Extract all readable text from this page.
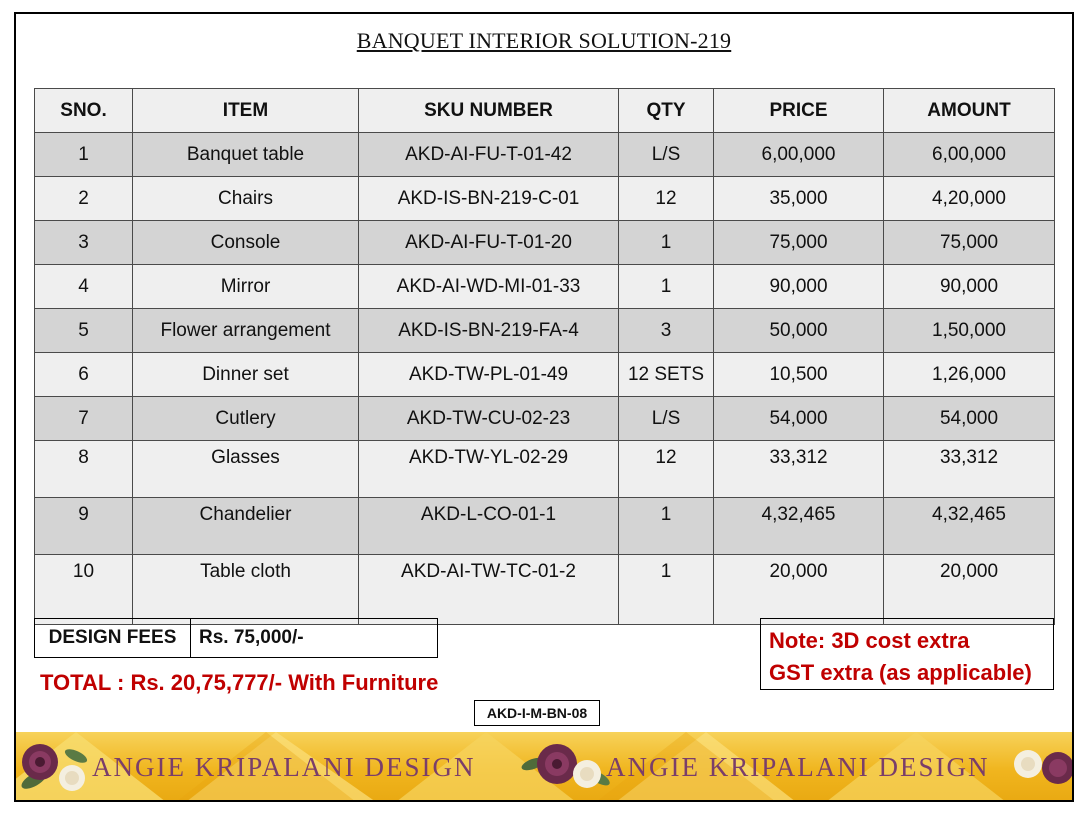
BANQUET INTERIOR SOLUTION-219
SNO.	ITEM	SKU NUMBER	QTY	PRICE	AMOUNT
1	Banquet table	AKD-AI-FU-T-01-42	L/S	6,00,000	6,00,000
2	Chairs	AKD-IS-BN-219-C-01	12	35,000	4,20,000
3	Console	AKD-AI-FU-T-01-20	1	75,000	75,000
4	Mirror	AKD-AI-WD-MI-01-33	1	90,000	90,000
5	Flower arrangement	AKD-IS-BN-219-FA-4	3	50,000	1,50,000
6	Dinner set	AKD-TW-PL-01-49	12 SETS	10,500	1,26,000
7	Cutlery	AKD-TW-CU-02-23	L/S	54,000	54,000
8	Glasses	AKD-TW-YL-02-29	12	33,312	33,312
9	Chandelier	AKD-L-CO-01-1	1	4,32,465	4,32,465
10	Table cloth	AKD-AI-TW-TC-01-2	1	20,000	20,000
DESIGN FEES	Rs. 75,000/-
TOTAL : Rs. 20,75,777/- With Furniture
Note: 3D cost extra
GST extra (as applicable)
AKD-I-M-BN-08
ANGIE KRIPALANI DESIGN	ANGIE KRIPALANI DESIGN
